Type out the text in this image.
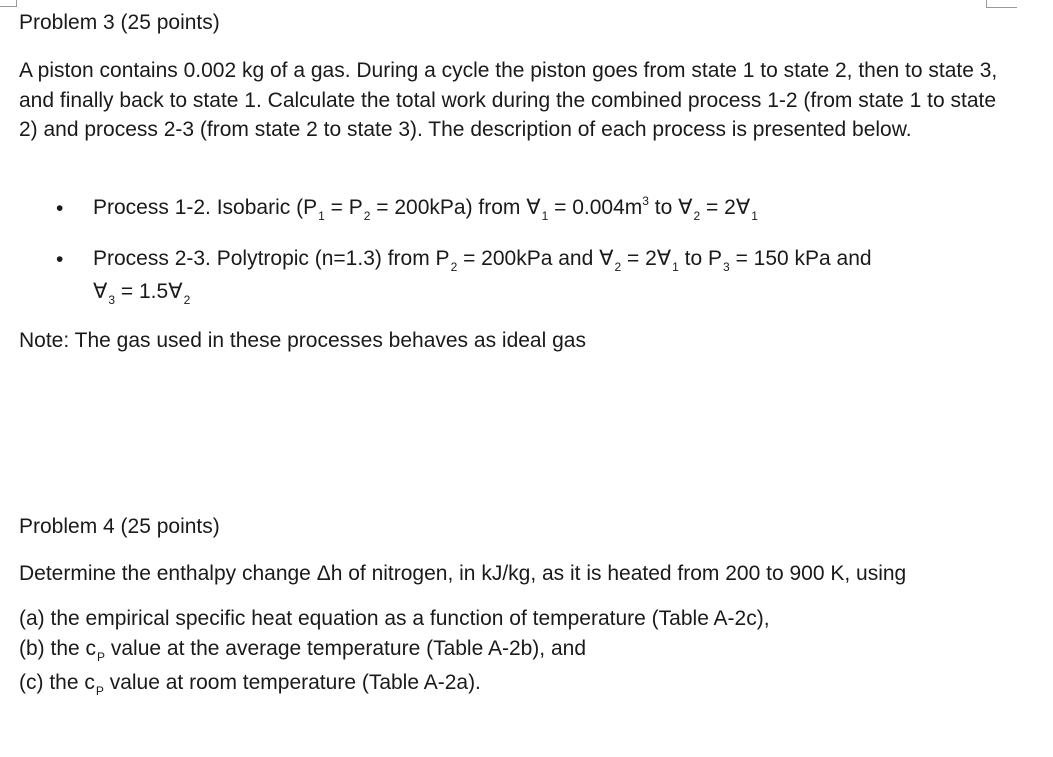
Problem 3 (25 points)
A piston contains 0.002 kg of a gas. During a cycle the piston goes from state 1 to state 2, then to state 3, and finally back to state 1. Calculate the total work during the combined process 1-2 (from state 1 to state 2) and process 2-3 (from state 2 to state 3). The description of each process is presented below.
• Process 1-2. Isobaric $(P_1 = P_2 = 200kPa)$ from $\forall_1 = 0.004m^3$ to $\forall_2$ = $2\forall_1$
• Process 2-3. Polytropic (n=1.3) from $P_2 = 200kPa$ and $\forall_2$ = $2\forall_1$ to $P_3 = 150$ kPa and
$\forall_3$ = $1.5\forall_2$
Note: The gas used in these processes behaves as ideal gas
Problem 4 (25 points)
Determine the enthalpy change Δh of nitrogen, in kJ/kg, as it is heated from 200 to 900 K, using
(a) the empirical specific heat equation as a function of temperature (Table A-2c),
(b) the $c_P$ value at the average temperature (Table A-2b), and
(c) the $c_P$ value at room temperature (Table A-2a).
